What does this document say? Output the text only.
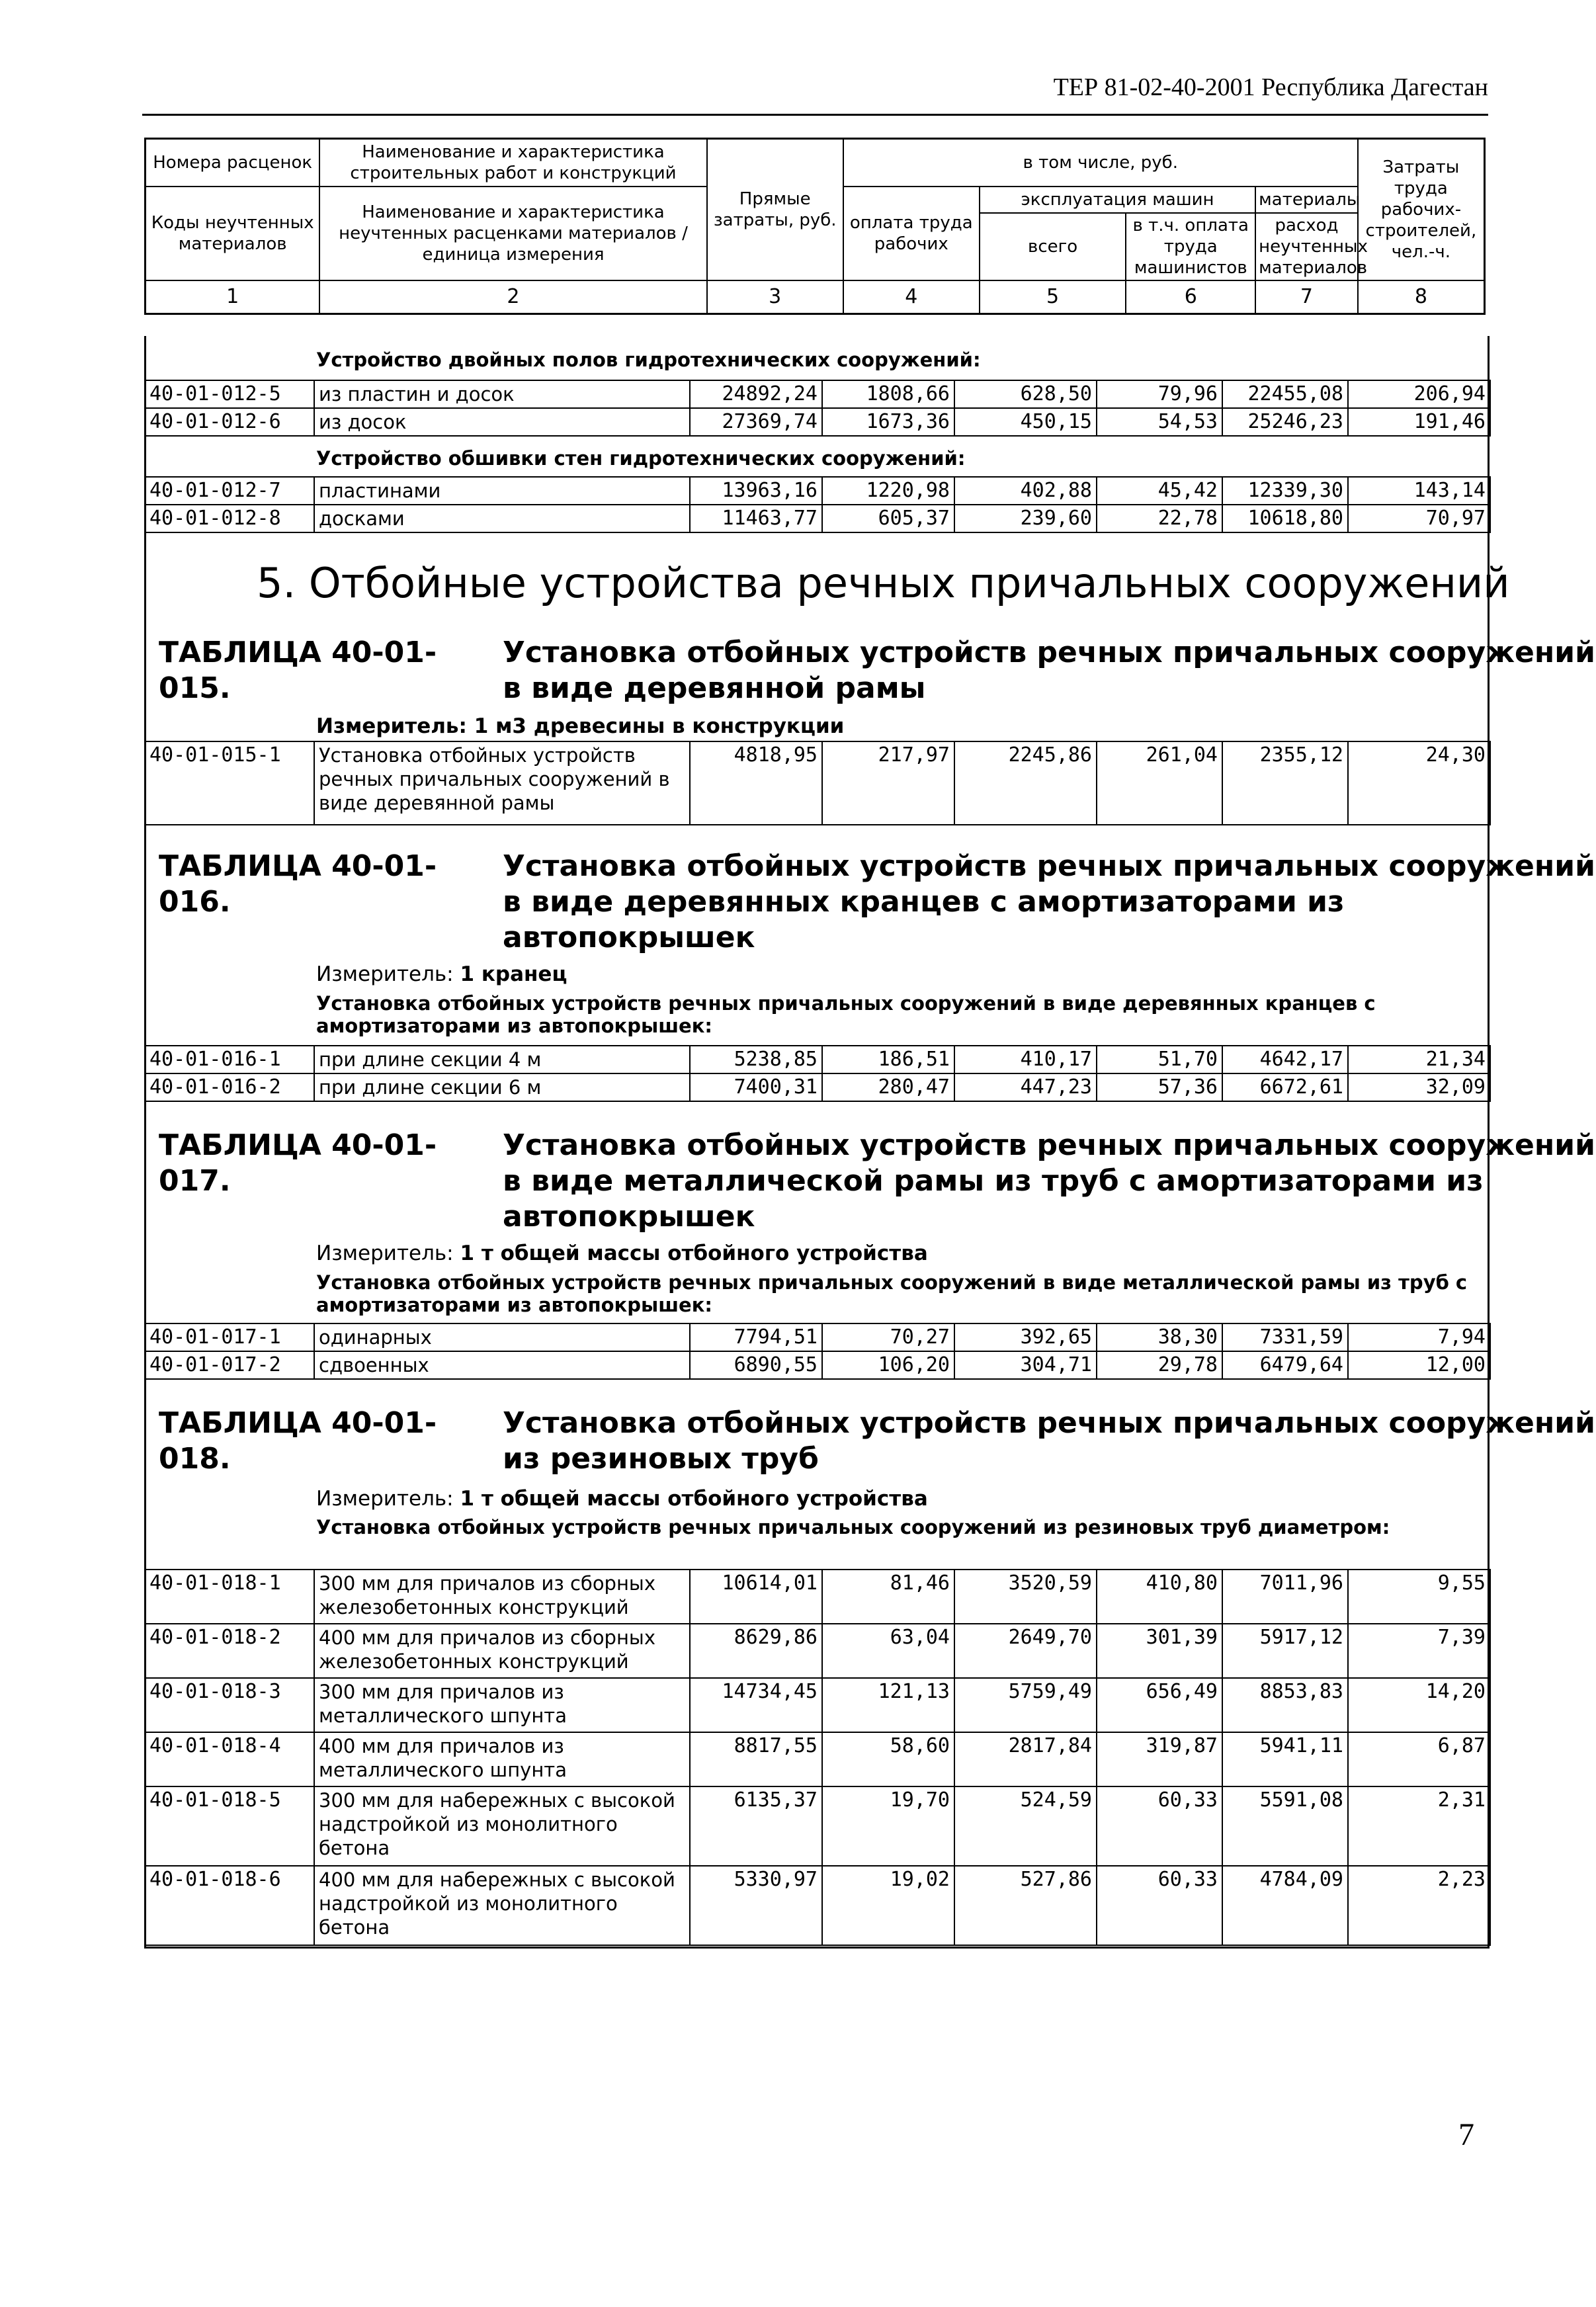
ТЕР 81-02-40-2001 Республика Дагестан
Номера расценок	Наименование и характеристика строительных работ и конструкций	Прямые затраты, руб.	в том числе, руб.				Затраты труда рабочих-строителей, чел.-ч.
Коды неучтенных материалов	Наименование и характеристика неучтенных расценками материалов / единица измерения		оплата труда рабочих	эксплуатация машин		материалы	
				всего	в т.ч. оплата труда машинистов	расход неучтенных материалов	
1	2	3	4	5	6	7	8
Устройство двойных полов гидротехнических сооружений:
40-01-012-5	из пластин и досок	24892,24	1808,66	628,50	79,96	22455,08	206,94
40-01-012-6	из досок	27369,74	1673,36	450,15	54,53	25246,23	191,46
Устройство обшивки стен гидротехнических сооружений:
40-01-012-7	пластинами	13963,16	1220,98	402,88	45,42	12339,30	143,14
40-01-012-8	досками	11463,77	605,37	239,60	22,78	10618,80	70,97
5. Отбойные устройства речных причальных сооружений
ТАБЛИЦА 40-01-015.
Установка отбойных устройств речных причальных сооружений в виде деревянной рамы
Измеритель: 1 м3 древесины в конструкции
40-01-015-1	Установка отбойных устройств речных причальных сооружений в виде деревянной рамы	4818,95	217,97	2245,86	261,04	2355,12	24,30
ТАБЛИЦА 40-01-016.
Установка отбойных устройств речных причальных сооружений в виде деревянных кранцев с амортизаторами из автопокрышек
Измеритель: 1 кранец
Установка отбойных устройств речных причальных сооружений в виде деревянных кранцев с амортизаторами из автопокрышек:
40-01-016-1	при длине секции 4 м	5238,85	186,51	410,17	51,70	4642,17	21,34
40-01-016-2	при длине секции 6 м	7400,31	280,47	447,23	57,36	6672,61	32,09
ТАБЛИЦА 40-01-017.
Установка отбойных устройств речных причальных сооружений в виде металлической рамы из труб с амортизаторами из автопокрышек
Измеритель: 1 т общей массы отбойного устройства
Установка отбойных устройств речных причальных сооружений в виде металлической рамы из труб с амортизаторами из автопокрышек:
40-01-017-1	одинарных	7794,51	70,27	392,65	38,30	7331,59	7,94
40-01-017-2	сдвоенных	6890,55	106,20	304,71	29,78	6479,64	12,00
ТАБЛИЦА 40-01-018.
Установка отбойных устройств речных причальных сооружений из резиновых труб
Измеритель: 1 т общей массы отбойного устройства
Установка отбойных устройств речных причальных сооружений из резиновых труб диаметром:
40-01-018-1	300 мм для причалов из сборных железобетонных конструкций	10614,01	81,46	3520,59	410,80	7011,96	9,55
40-01-018-2	400 мм для причалов из сборных железобетонных конструкций	8629,86	63,04	2649,70	301,39	5917,12	7,39
40-01-018-3	300 мм для причалов из металлического шпунта	14734,45	121,13	5759,49	656,49	8853,83	14,20
40-01-018-4	400 мм для причалов из металлического шпунта	8817,55	58,60	2817,84	319,87	5941,11	6,87
40-01-018-5	300 мм для набережных с высокой надстройкой из монолитного бетона	6135,37	19,70	524,59	60,33	5591,08	2,31
40-01-018-6	400 мм для набережных с высокой надстройкой из монолитного бетона	5330,97	19,02	527,86	60,33	4784,09	2,23
7
